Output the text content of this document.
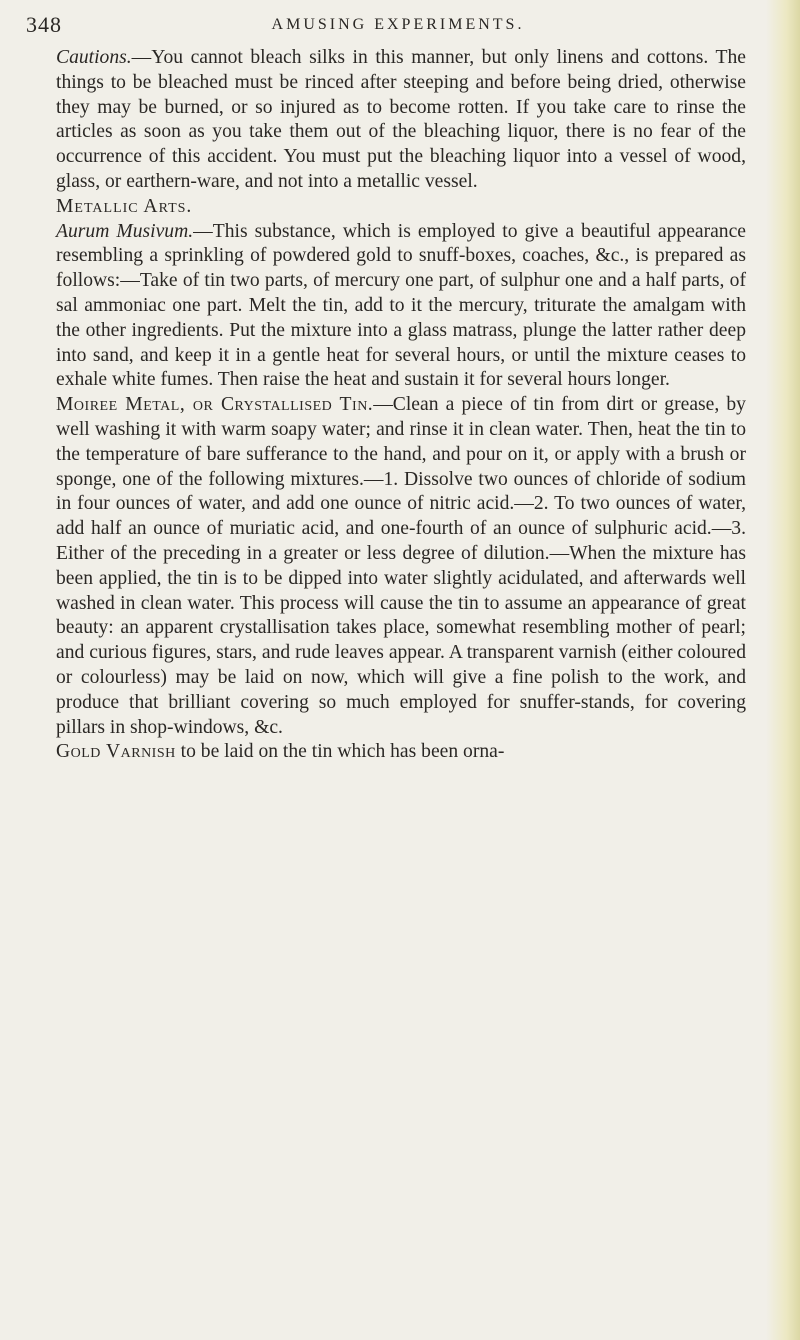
348	AMUSING EXPERIMENTS.

Cautions.—You cannot bleach silks in this manner, but only linens and cottons. The things to be bleached must be rinced after steeping and before being dried, otherwise they may be burned, or so injured as to become rotten. If you take care to rinse the articles as soon as you take them out of the bleaching liquor, there is no fear of the occurrence of this accident. You must put the bleaching liquor into a vessel of wood, glass, or earthern-ware, and not into a metallic vessel.

Metallic Arts.

Aurum Musivum.—This substance, which is employed to give a beautiful appearance resembling a sprinkling of powdered gold to snuff-boxes, coaches, &c., is prepared as follows:—Take of tin two parts, of mercury one part, of sulphur one and a half parts, of sal ammoniac one part. Melt the tin, add to it the mercury, triturate the amalgam with the other ingredients. Put the mixture into a glass matrass, plunge the latter rather deep into sand, and keep it in a gentle heat for several hours, or until the mixture ceases to exhale white fumes. Then raise the heat and sustain it for several hours longer.

Moiree Metal, or Crystallised Tin.—Clean a piece of tin from dirt or grease, by well washing it with warm soapy water; and rinse it in clean water. Then, heat the tin to the temperature of bare sufferance to the hand, and pour on it, or apply with a brush or sponge, one of the following mixtures.—1. Dissolve two ounces of chloride of sodium in four ounces of water, and add one ounce of nitric acid.—2. To two ounces of water, add half an ounce of muriatic acid, and one-fourth of an ounce of sulphuric acid.—3. Either of the preceding in a greater or less degree of dilution.—When the mixture has been applied, the tin is to be dipped into water slightly acidulated, and afterwards well washed in clean water. This process will cause the tin to assume an appearance of great beauty: an apparent crystallisation takes place, somewhat resembling mother of pearl; and curious figures, stars, and rude leaves appear. A transparent varnish (either coloured or colourless) may be laid on now, which will give a fine polish to the work, and produce that brilliant covering so much employed for snuffer-stands, for covering pillars in shop-windows, &c.

Gold Varnish to be laid on the tin which has been orna-
